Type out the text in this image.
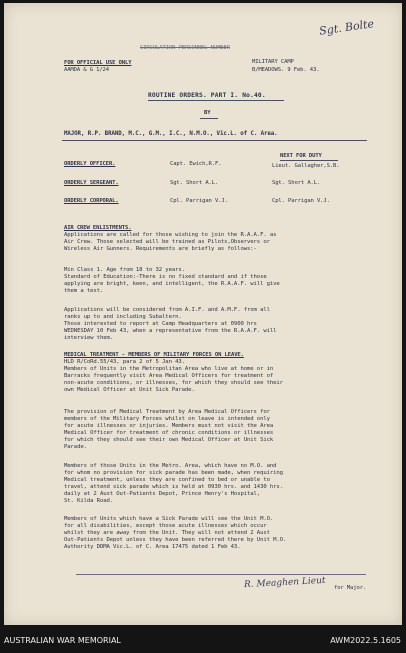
CIRCULATION PERSONNEL NUMBER
Sgt. Bolte
FOR OFFICIAL USE ONLY
AAMDA & G 1/24
MILITARY CAMP
B/MEADOWS. 9 Feb. 43.
ROUTINE ORDERS. PART I. No.40.
BY
MAJOR, R.P. BRAND, M.C., G.M., I.C., N.M.O., Vic.L. of C. Area.
NEXT FOR DUTY
ORDERLY OFFICER.	Capt. Ewich,R.F.	Lieut. Gallagher,S.B.
ORDERLY SERGEANT.	Sgt. Short A.L.	Sgt. Short A.L.
ORDERLY CORPORAL.	Cpl. Parrigan V.J.	Cpl. Parrigan V.J.
AIR CREW ENLISTMENTS.
Applications are called for those wishing to join the R.A.A.F. as
Air Crew. Those selected will be trained as Pilots,Observers or
Wireless Air Gunners. Requirements are briefly as follows:-
Min Class 1. Age from 18 to 32 years.
Standard of Education:-There is no fixed standard and if those
applying are bright, keen, and intelligent, the R.A.A.F. will give
them a test.
Applications will be considered from A.I.F. and A.M.F. from all
ranks up to and including Subaltern.
Those interested to report at Camp Headquarters at 0900 hrs
WEDNESDAY 10 Feb 43, when a representative from the R.A.A.F. will
interview them.
MEDICAL TREATMENT - MEMBERS OF MILITARY FORCES ON LEAVE.
HLD R/CoRd.55/43, para 2 of 5 Jan 43.
Members of Units in the Metropolitan Area who live at home or in
Barracks frequently visit Area Medical Officers for treatment of
non-acute conditions, or illnesses, for which they should see their
own Medical Officer at Unit Sick Parade.
The provision of Medical Treatment by Area Medical Officers for
members of the Military Forces whilst on leave is intended only
for acute illnesses or injuries. Members must not visit the Area
Medical Officer for treatment of chronic conditions or illnesses
for which they should see their own Medical Officer at Unit Sick
Parade.
Members of those Units in the Metro. Area, which have no M.O. and
for whom no provision for sick parade has been made, when requiring
Medical treatment, unless they are confined to bed or unable to
travel, attend sick parade which is held at 0930 hrs. and 1430 hrs.
daily at 2 Aust Out-Patients Depot, Prince Henry's Hospital,
St. Kilda Road.
Members of Units which have a Sick Parade will see the Unit M.O.
for all disabilities, except those acute illnesses which occur
whilst they are away from the Unit. They will not attend 2 Aust
Out-Patients Depot unless they have been referred there by Unit M.O.
Authority DDMA Vic.L. of C. Area 17475 dated 1 Feb 43.
R. Meaghen Lieut for Major.
AUSTRALIAN WAR MEMORIAL	AWM2022.5.1605
